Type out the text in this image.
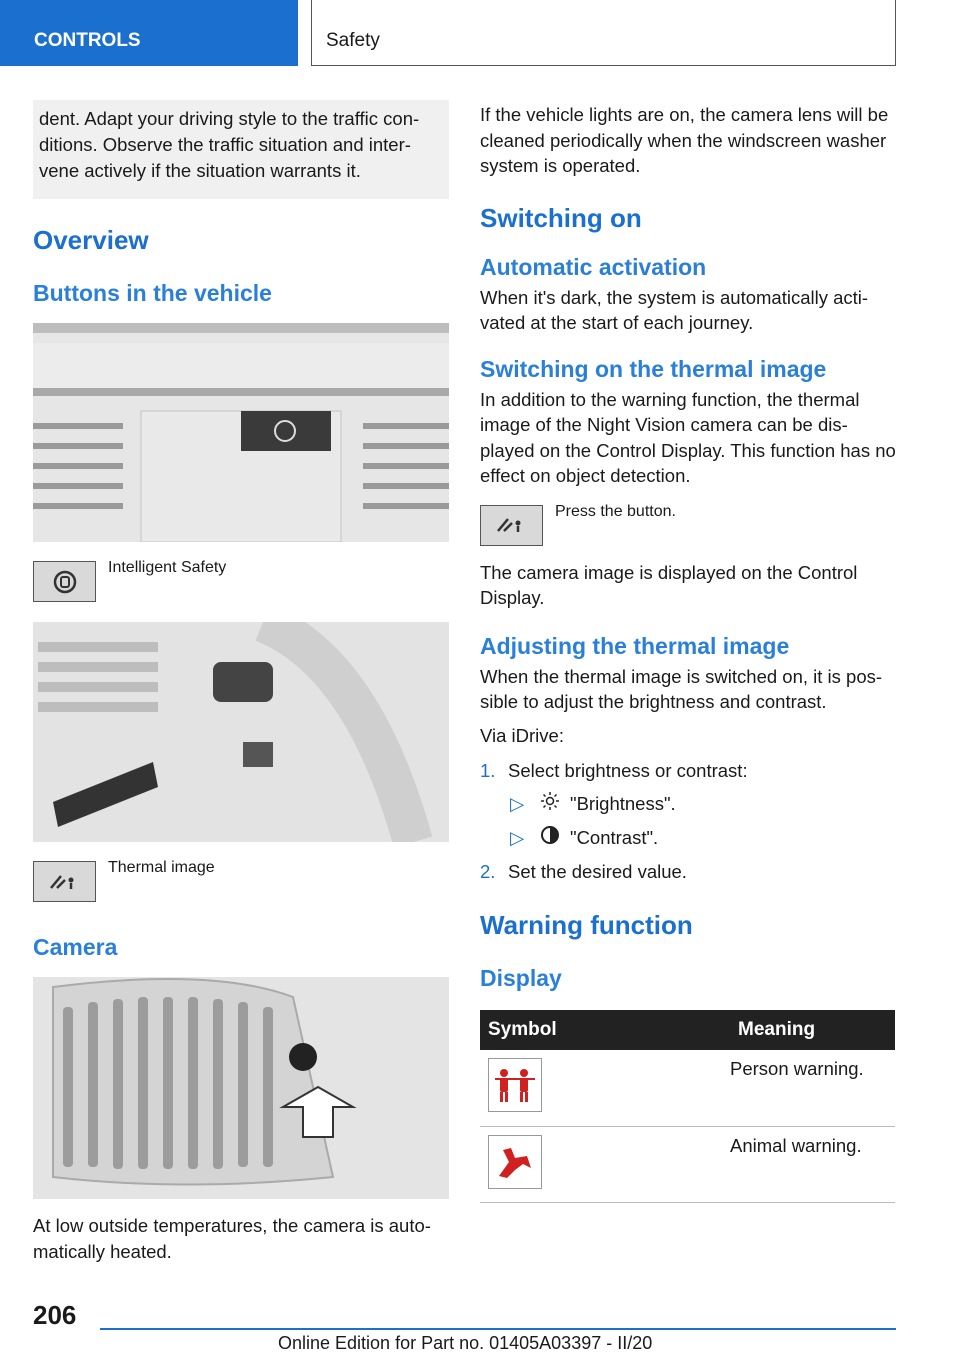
CONTROLS	Safety
dent. Adapt your driving style to the traffic conditions. Observe the traffic situation and intervene actively if the situation warrants it.
Overview
Buttons in the vehicle
Intelligent Safety
Thermal image
Camera

At low outside temperatures, the camera is automatically heated.

If the vehicle lights are on, the camera lens will be cleaned periodically when the windscreen washer system is operated.

Switching on
Automatic activation

When it's dark, the system is automatically activated at the start of each journey.

Switching on the thermal image

In addition to the warning function, the thermal image of the Night Vision camera can be displayed on the Control Display. This function has no effect on object detection.

Press the button.

The camera image is displayed on the Control Display.

Adjusting the thermal image

When the thermal image is switched on, it is possible to adjust the brightness and contrast.

Via iDrive:

1. Select brightness or contrast:
▷	"Brightness".
▷	"Contrast".
2. Set the desired value.
Warning function
Display
Symbol	Meaning

	Person warning.

	Animal warning.
206
Online Edition for Part no. 01405A03397 - II/20
